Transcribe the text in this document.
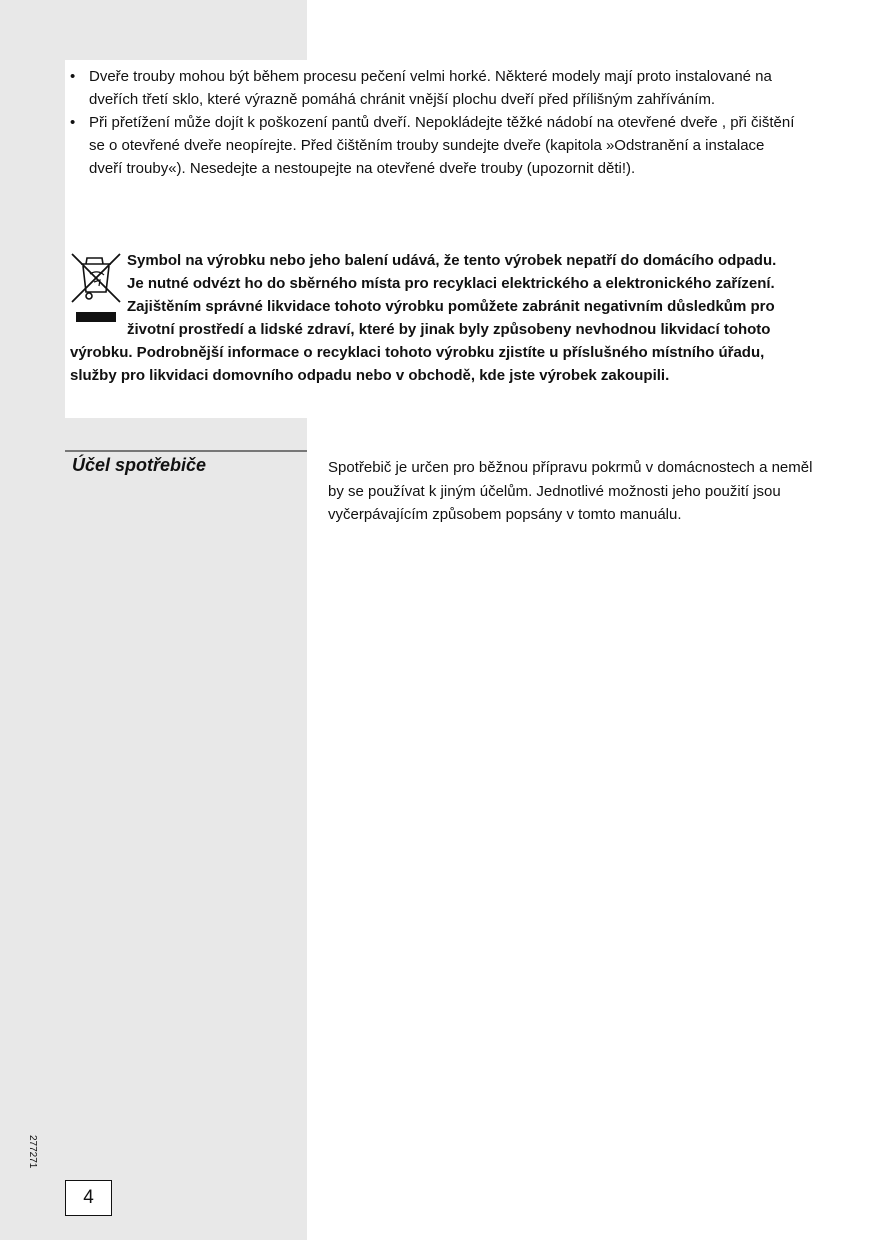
• Dveře trouby mohou být během procesu pečení velmi horké. Některé modely mají proto instalované na dveřích třetí sklo, které výrazně pomáhá chránit vnější plochu dveří před přílišným zahříváním.
• Při přetížení může dojít k poškození pantů dveří. Nepokládejte těžké nádobí na otevřené dveře , při čištění se o otevřené dveře neopírejte. Před čištěním trouby sundejte dveře (kapitola »Odstranění a instalace dveří trouby«). Nesedejte a nestoupejte na otevřené dveře trouby (upozornit děti!).
Symbol na výrobku nebo jeho balení udává, že tento výrobek nepatří do domácího odpadu. Je nutné odvézt ho do sběrného místa pro recyklaci elektrického a elektronického zařízení. Zajištěním správné likvidace tohoto výrobku pomůžete zabránit negativním důsledkům pro životní prostředí a lidské zdraví, které by jinak byly způsobeny nevhodnou likvidací tohoto výrobku. Podrobnější informace o recyklaci tohoto výrobku zjistíte u příslušného místního úřadu, služby pro likvidaci domovního odpadu nebo v obchodě, kde jste výrobek zakoupili.
Účel spotřebiče	Spotřebič je určen pro běžnou přípravu pokrmů v domácnostech a neměl by se používat k jiným účelům. Jednotlivé možnosti jeho použití jsou vyčerpávajícím způsobem popsány v tomto manuálu.
277271
4
